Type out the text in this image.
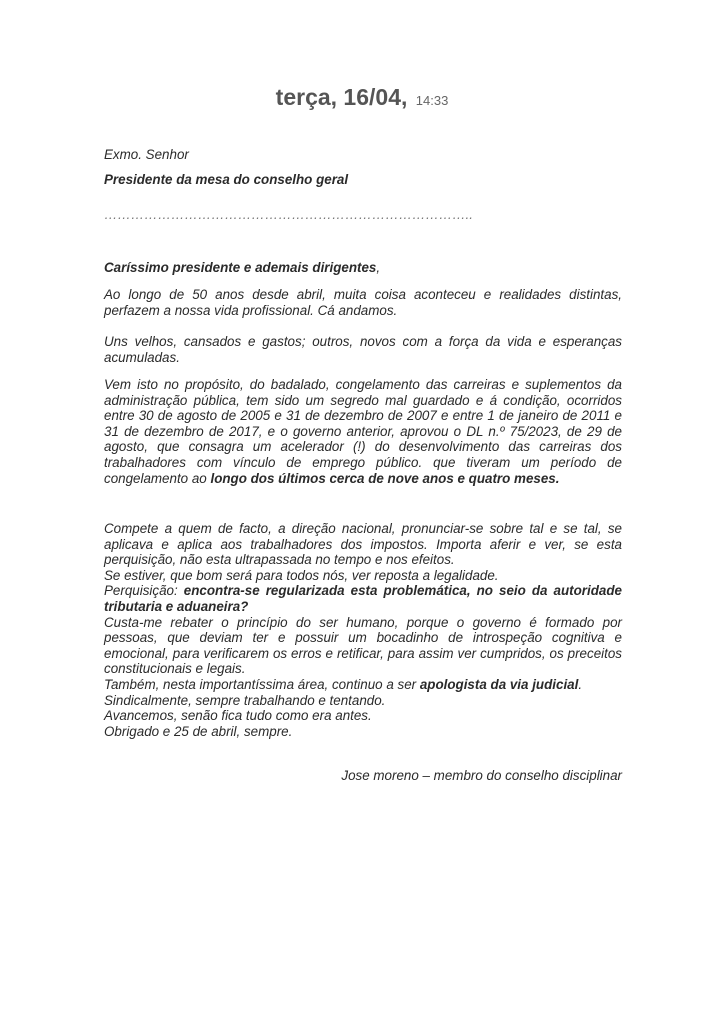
terça, 16/04, 14:33
Exmo. Senhor
Presidente da mesa do conselho geral
………………………………………………………………………..
Caríssimo presidente e ademais dirigentes,
Ao longo de 50 anos desde abril, muita coisa aconteceu e realidades distintas, perfazem a nossa vida profissional. Cá andamos.
Uns velhos, cansados e gastos; outros, novos com a força da vida e esperanças acumuladas.
Vem isto no propósito, do badalado, congelamento das carreiras e suplementos da administração pública, tem sido um segredo mal guardado e á condição, ocorridos entre 30 de agosto de 2005 e 31 de dezembro de 2007 e entre 1 de janeiro de 2011 e 31 de dezembro de 2017, e o governo anterior, aprovou o DL n.º 75/2023, de 29 de agosto, que consagra um acelerador (!) do desenvolvimento das carreiras dos trabalhadores com vínculo de emprego público. que tiveram um período de congelamento ao longo dos últimos cerca de nove anos e quatro meses.
Compete a quem de facto, a direção nacional, pronunciar-se sobre tal e se tal, se aplicava e aplica aos trabalhadores dos impostos. Importa aferir e ver, se esta perquisição, não esta ultrapassada no tempo e nos efeitos.
Se estiver, que bom será para todos nós, ver reposta a legalidade.
Perquisição: encontra-se regularizada esta problemática, no seio da autoridade tributaria e aduaneira?
Custa-me rebater o princípio do ser humano, porque o governo é formado por pessoas, que deviam ter e possuir um bocadinho de introspeção cognitiva e emocional, para verificarem os erros e retificar, para assim ver cumpridos, os preceitos constitucionais e legais.
Também, nesta importantíssima área, continuo a ser apologista da via judicial.
Sindicalmente, sempre trabalhando e tentando.
Avancemos, senão fica tudo como era antes.
Obrigado e 25 de abril, sempre.
Jose moreno – membro do conselho disciplinar
